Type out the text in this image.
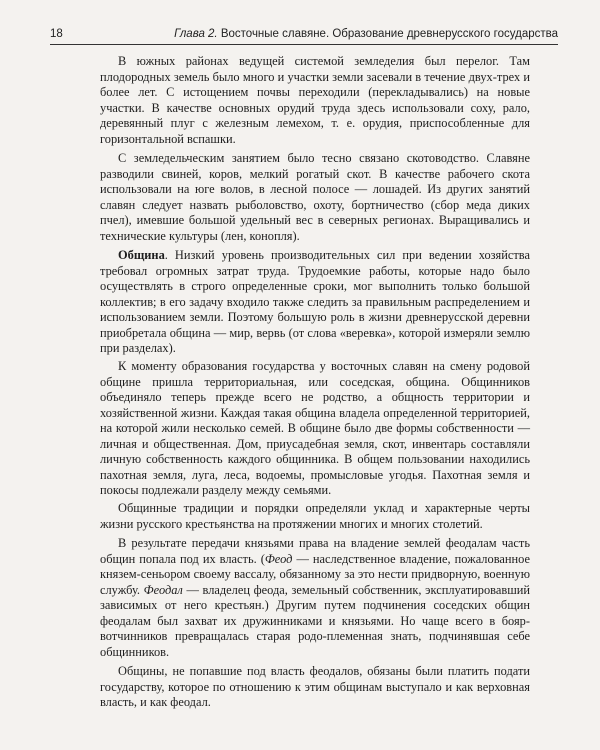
18	Глава 2. Восточные славяне. Образование древнерусского государства

В южных районах ведущей системой земледелия был перелог. Там плодородных земель было много и участки земли засевали в течение двух-трех и более лет. С истощением почвы переходили (перекладывались) на новые участки. В качестве основных орудий труда здесь использовали соху, рало, деревянный плуг с железным лемехом, т. е. орудия, приспособленные для горизонтальной вспашки.

С земледельческим занятием было тесно связано скотоводство. Славяне разводили свиней, коров, мелкий рогатый скот. В качестве рабочего скота использовали на юге волов, в лесной полосе — лошадей. Из других занятий славян следует назвать рыболовство, охоту, бортничество (сбор меда диких пчел), имевшие большой удельный вес в северных регионах. Выращивались и технические культуры (лен, конопля).

Община. Низкий уровень производительных сил при ведении хозяйства требовал огромных затрат труда. Трудоемкие работы, которые надо было осуществлять в строго определенные сроки, мог выполнить только большой коллектив; в его задачу входило также следить за правильным распределением и использованием земли. Поэтому большую роль в жизни древнерусской деревни приобретала община — мир, вервь (от слова «веревка», которой измеряли землю при разделах).

К моменту образования государства у восточных славян на смену родовой общине пришла территориальная, или соседская, община. Общинников объединяло теперь прежде всего не родство, а общность территории и хозяйственной жизни. Каждая такая община владела определенной территорией, на которой жили несколько семей. В общине было две формы собственности — личная и общественная. Дом, приусадебная земля, скот, инвентарь составляли личную собственность каждого общинника. В общем пользовании находились пахотная земля, луга, леса, водоемы, промысловые угодья. Пахотная земля и покосы подлежали разделу между семьями.

Общинные традиции и порядки определяли уклад и характерные черты жизни русского крестьянства на протяжении многих и многих столетий.

В результате передачи князьями права на владение землей феодалам часть общин попала под их власть. (Феод — наследственное владение, пожалованное князем-сеньором своему вассалу, обязанному за это нести придворную, военную службу. Феодал — владелец феода, земельный собственник, эксплуатировавший зависимых от него крестьян.) Другим путем подчинения соседских общин феодалам был захват их дружинниками и князьями. Но чаще всего в бояр-вотчинников превращалась старая родо-племенная знать, подчинявшая себе общинников.

Общины, не попавшие под власть феодалов, обязаны были платить подати государству, которое по отношению к этим общинам выступало и как верховная власть, и как феодал.
